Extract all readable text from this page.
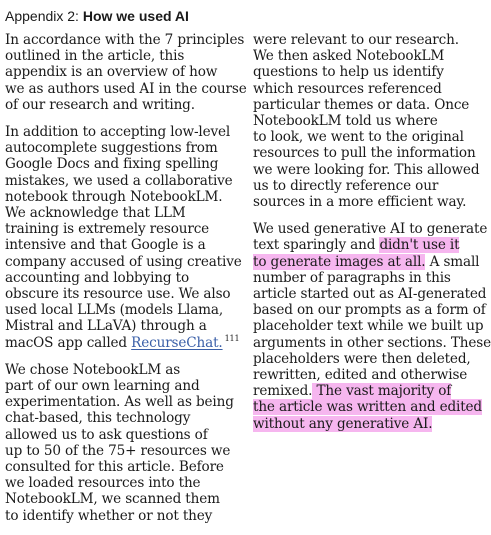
Appendix 2: How we used AI
In accordance with the 7 principles
outlined in the article, this
appendix is an overview of how
we as authors used AI in the course
of our research and writing.
In addition to accepting low-level
autocomplete suggestions from
Google Docs and fixing spelling
mistakes, we used a collaborative
notebook through NotebookLM.
We acknowledge that LLM
training is extremely resource
intensive and that Google is a
company accused of using creative
accounting and lobbying to
obscure its resource use. We also
used local LLMs (models Llama,
Mistral and LLaVA) through a
macOS app called RecurseChat. $^{111}$
We chose NotebookLM as
part of our own learning and
experimentation. As well as being
chat-based, this technology
allowed us to ask questions of
up to 50 of the 75+ resources we
consulted for this article. Before
we loaded resources into the
NotebookLM, we scanned them
to identify whether or not they
were relevant to our research.
We then asked NotebookLM
questions to help us identify
which resources referenced
particular themes or data. Once
NotebookLM told us where
to look, we went to the original
resources to pull the information
we were looking for. This allowed
us to directly reference our
sources in a more efficient way.
We used generative AI to generate
text sparingly and didn't use it
to generate images at all. A small
number of paragraphs in this
article started out as AI-generated
based on our prompts as a form of
placeholder text while we built up
arguments in other sections. These
placeholders were then deleted,
rewritten, edited and otherwise
remixed. The vast majority of
the article was written and edited
without any generative AI.
